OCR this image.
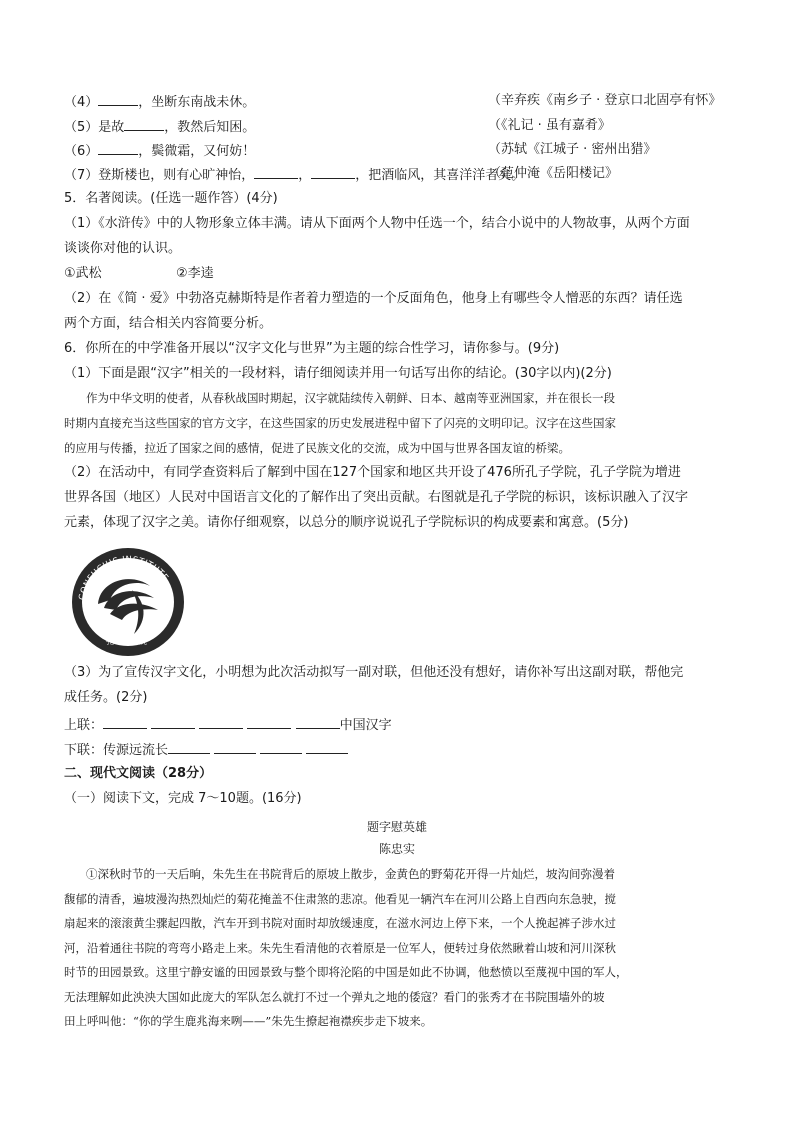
（4）	，坐断东南战未休。	（辛弃疾《南乡子 · 登京口北固亭有怀》
（5）是故	，教然后知困。	（《礼记 · 虽有嘉肴》
（6）	，鬓微霜，又何妨！	（苏轼《江城子 · 密州出猎》
（7）登斯楼也，则有心旷神怡，	，	，把酒临风，其喜洋洋者矣。
（范仲淹《岳阳楼记》
5．名著阅读。(任选一题作答）(4分)
（1）《水浒传》中的人物形象立体丰满。请从下面两个人物中任选一个，结合小说中的人物故事，从两个方面
谈谈你对他的认识。
①武松	②李逵
（2）在《简 · 爱》中勃洛克赫斯特是作者着力塑造的一个反面角色，他身上有哪些令人憎恶的东西？请任选
两个方面，结合相关内容简要分析。
6．你所在的中学准备开展以“汉字文化与世界”为主题的综合性学习，请你参与。(9分)
（1）下面是跟“汉字”相关的一段材料，请仔细阅读并用一句话写出你的结论。(30字以内)(2分)
作为中华文明的使者，从春秋战国时期起，汉字就陆续传入朝鲜、日本、越南等亚洲国家，并在很长一段
时期内直接充当这些国家的官方文字，在这些国家的历史发展进程中留下了闪亮的文明印记。汉字在这些国家
的应用与传播，拉近了国家之间的感情，促进了民族文化的交流，成为中国与世界各国友谊的桥梁。
（2）在活动中，有同学查资料后了解到中国在127个国家和地区共开设了476所孔子学院，孔子学院为增进
世界各国（地区）人民对中国语言文化的了解作出了突出贡献。右图就是孔子学院的标识，该标识融入了汉字
元素，体现了汉字之美。请你仔细观察，以总分的顺序说说孔子学院标识的构成要素和寓意。(5分)
CONFUCIUS INSTITUTE
孔子学院
（3）为了宣传汉字文化，小明想为此次活动拟写一副对联，但他还没有想好，请你补写出这副对联，帮他完
成任务。(2分)
上联：	中国汉字
下联：传源远流长
二、现代文阅读（28分）
（一）阅读下文，完成 7～10题。(16分)
题字慰英雄
陈忠实
①深秋时节的一天后晌，朱先生在书院背后的原坡上散步，金黄色的野菊花开得一片灿烂，坡沟间弥漫着
馥郁的清香，遍坡漫沟热烈灿烂的菊花掩盖不住肃煞的悲凉。他看见一辆汽车在河川公路上自西向东急驶，搅
扇起来的滚滚黄尘骤起四散，汽车开到书院对面时却放缓速度，在滋水河边上停下来，一个人挽起裤子涉水过
河，沿着通往书院的弯弯小路走上来。朱先生看清他的衣着原是一位军人，便转过身依然瞅着山坡和河川深秋
时节的田园景致。这里宁静安谧的田园景致与整个即将沦陷的中国是如此不协调，他愁愤以至蔑视中国的军人，
无法理解如此泱泱大国如此庞大的军队怎么就打不过一个弹丸之地的倭寇？看门的张秀才在书院围墙外的坡
田上呼叫他：“你的学生鹿兆海来咧——”朱先生撩起袍襟疾步走下坡来。
